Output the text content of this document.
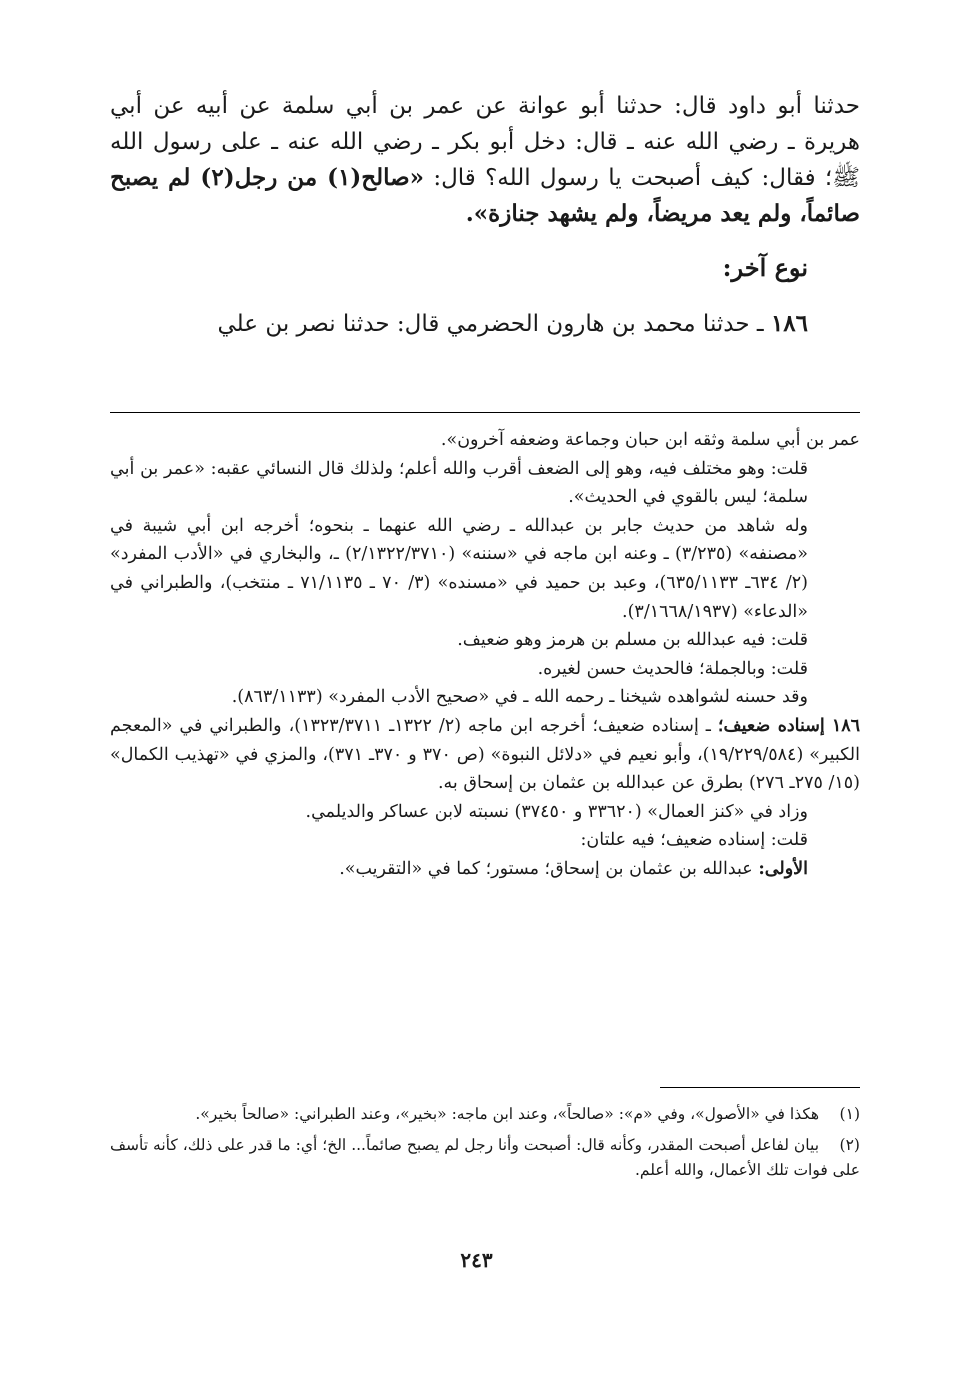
حدثنا أبو داود قال: حدثنا أبو عوانة عن عمر بن أبي سلمة عن أبيه عن أبي هريرة ـ رضي الله عنه ـ قال: دخل أبو بكر ـ رضي الله عنه ـ على رسول الله ﷺ؛ فقال: كيف أصبحت يا رسول الله؟ قال: «صالح(١) من رجل(٢) لم يصبح صائماً، ولم يعد مريضاً، ولم يشهد جنازة».

نوع آخر:

١٨٦ ـ حدثنا محمد بن هارون الحضرمي قال: حدثنا نصر بن علي

عمر بن أبي سلمة وثقه ابن حبان وجماعة وضعفه آخرون».

قلت: وهو مختلف فيه، وهو إلى الضعف أقرب والله أعلم؛ ولذلك قال النسائي عقبه: «عمر بن أبي سلمة؛ ليس بالقوي في الحديث».

وله شاهد من حديث جابر بن عبدالله ـ رضي الله عنهما ـ بنحوه؛ أخرجه ابن أبي شيبة في «مصنفه» (٣/٢٣٥) ـ وعنه ابن ماجه في «سننه» (٢/١٣٢٢/٣٧١٠) ـ، والبخاري في «الأدب المفرد» (٢/ ٦٣٤ـ ٦٣٥/١١٣٣)، وعبد بن حميد في «مسنده» (٣/ ٧٠ ـ ٧١/١١٣٥ ـ منتخب)، والطبراني في «الدعاء» (٣/١٦٦٨/١٩٣٧).

قلت: فيه عبدالله بن مسلم بن هرمز وهو ضعيف.

قلت: وبالجملة؛ فالحديث حسن لغيره.

وقد حسنه لشواهده شيخنا ـ رحمه الله ـ في «صحيح الأدب المفرد» (٨٦٣/١١٣٣).

١٨٦ إسناده ضعيف؛ ـ إسناده ضعيف؛ أخرجه ابن ماجه (٢/ ١٣٢٢ـ ١٣٢٣/٣٧١١)، والطبراني في «المعجم الكبير» (١٩/٢٢٩/٥٨٤)، وأبو نعيم في «دلائل النبوة» (ص ٣٧٠ و ٣٧٠ـ ٣٧١)، والمزي في «تهذيب الكمال» (١٥/ ٢٧٥ـ ٢٧٦) بطرق عن عبدالله بن عثمان بن إسحاق به.

وزاد في «كنز العمال» (٣٣٦٢٠ و ٣٧٤٥٠) نسبته لابن عساكر والديلمي.

قلت: إسناده ضعيف؛ فيه علتان:

الأولى: عبدالله بن عثمان بن إسحاق؛ مستور؛ كما في «التقريب».

(١) هكذا في «الأصول»، وفي «م»: «صالحاً»، وعند ابن ماجه: «بخير»، وعند الطبراني: «صالحاً بخير».

(٢) بيان لفاعل أصبحت المقدر، وكأنه قال: أصبحت وأنا رجل لم يصبح صائماً... الخ؛ أي: ما قدر على ذلك، كأنه تأسف على فوات تلك الأعمال، والله أعلم.

٢٤٣
